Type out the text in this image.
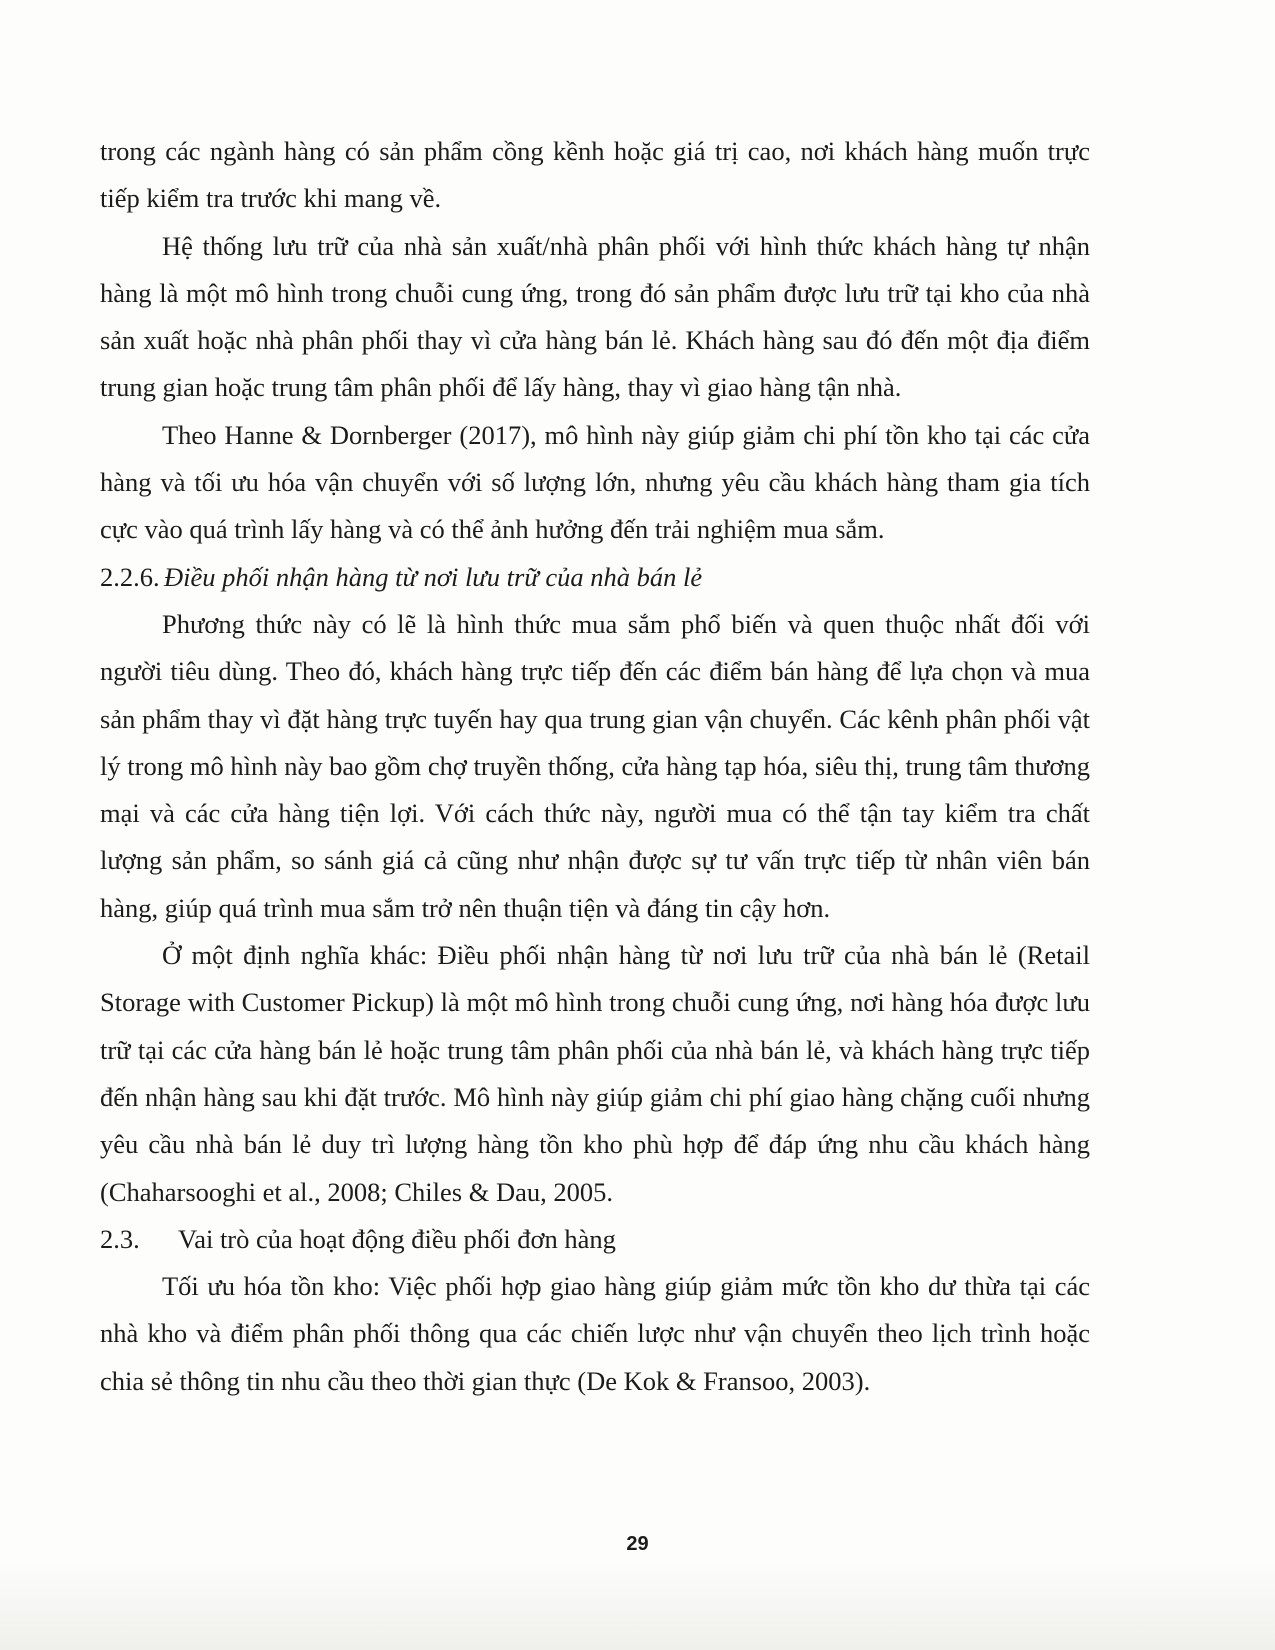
trong các ngành hàng có sản phẩm cồng kềnh hoặc giá trị cao, nơi khách hàng muốn trực tiếp kiểm tra trước khi mang về.

Hệ thống lưu trữ của nhà sản xuất/nhà phân phối với hình thức khách hàng tự nhận hàng là một mô hình trong chuỗi cung ứng, trong đó sản phẩm được lưu trữ tại kho của nhà sản xuất hoặc nhà phân phối thay vì cửa hàng bán lẻ. Khách hàng sau đó đến một địa điểm trung gian hoặc trung tâm phân phối để lấy hàng, thay vì giao hàng tận nhà.

Theo Hanne & Dornberger (2017), mô hình này giúp giảm chi phí tồn kho tại các cửa hàng và tối ưu hóa vận chuyển với số lượng lớn, nhưng yêu cầu khách hàng tham gia tích cực vào quá trình lấy hàng và có thể ảnh hưởng đến trải nghiệm mua sắm.

2.2.6. Điều phối nhận hàng từ nơi lưu trữ của nhà bán lẻ

Phương thức này có lẽ là hình thức mua sắm phổ biến và quen thuộc nhất đối với người tiêu dùng. Theo đó, khách hàng trực tiếp đến các điểm bán hàng để lựa chọn và mua sản phẩm thay vì đặt hàng trực tuyến hay qua trung gian vận chuyển. Các kênh phân phối vật lý trong mô hình này bao gồm chợ truyền thống, cửa hàng tạp hóa, siêu thị, trung tâm thương mại và các cửa hàng tiện lợi. Với cách thức này, người mua có thể tận tay kiểm tra chất lượng sản phẩm, so sánh giá cả cũng như nhận được sự tư vấn trực tiếp từ nhân viên bán hàng, giúp quá trình mua sắm trở nên thuận tiện và đáng tin cậy hơn.

Ở một định nghĩa khác: Điều phối nhận hàng từ nơi lưu trữ của nhà bán lẻ (Retail Storage with Customer Pickup) là một mô hình trong chuỗi cung ứng, nơi hàng hóa được lưu trữ tại các cửa hàng bán lẻ hoặc trung tâm phân phối của nhà bán lẻ, và khách hàng trực tiếp đến nhận hàng sau khi đặt trước. Mô hình này giúp giảm chi phí giao hàng chặng cuối nhưng yêu cầu nhà bán lẻ duy trì lượng hàng tồn kho phù hợp để đáp ứng nhu cầu khách hàng (Chaharsooghi et al., 2008; Chiles & Dau, 2005.

2.3. Vai trò của hoạt động điều phối đơn hàng

Tối ưu hóa tồn kho: Việc phối hợp giao hàng giúp giảm mức tồn kho dư thừa tại các nhà kho và điểm phân phối thông qua các chiến lược như vận chuyển theo lịch trình hoặc chia sẻ thông tin nhu cầu theo thời gian thực (De Kok & Fransoo, 2003).

29
